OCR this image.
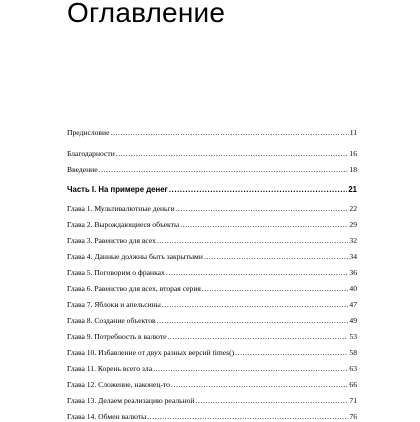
Оглавление
Предисловие .....	11
Благодарности .....	16
Введение .....	18
Часть I. На примере денег .....	21
Глава 1. Мультивалютные деньги .....	22
Глава 2. Вырождающиеся объекты .....	29
Глава 3. Равенство для всех .....	32
Глава 4. Данные должны быть закрытыми .....	34
Глава 5. Поговорим о франках .....	36
Глава 6. Равенство для всех, вторая серия .....	40
Глава 7. Яблоки и апельсины .....	47
Глава 8. Создание объектов .....	49
Глава 9. Потребность в валюте .....	53
Глава 10. Избавление от двух разных версий times() .....	58
Глава 11. Корень всего зла .....	63
Глава 12. Сложение, наконец-то .....	66
Глава 13. Делаем реализацию реальной .....	71
Глава 14. Обмен валюты .....	76
